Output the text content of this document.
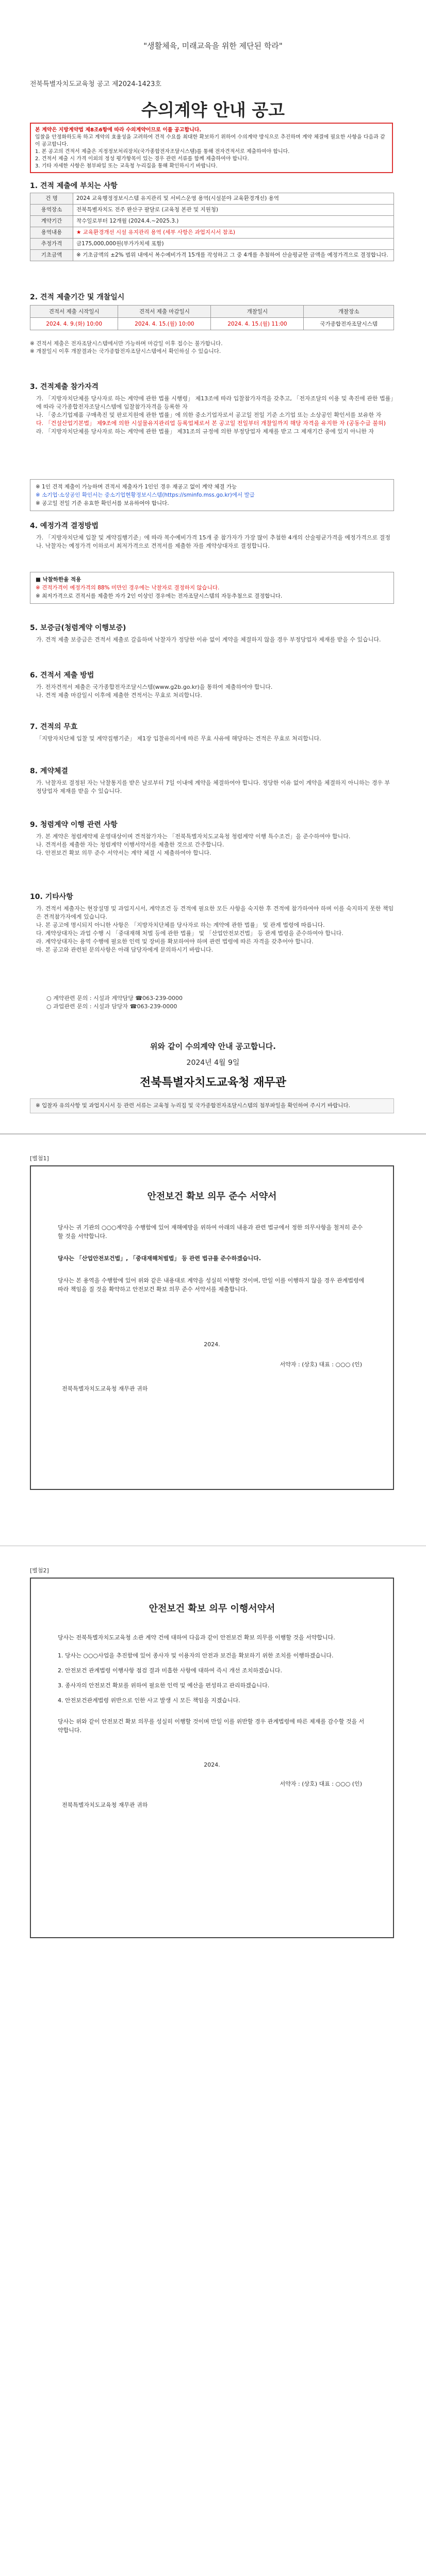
"생활체육, 미래교육을 위한 제단된 학라"
전북특별자치도교육청 공고 제2024-1423호
수의계약 안내 공고
본 계약은 지방계약법 제8조6항에 따라 수의계약이므로 이를 공고합니다.
입찰을 안정화하도록 하고 계약의 효율성을 고려하여 견적 수요를 최대한 확보하기 위하여 수의계약 방식으로 추진하며 계약 체결에 필요한 사항을 다음과 같이 공고합니다.
1. 본 공고의 견적서 제출은 지정정보처리장치(국가종합전자조달시스템)를 통해 전자견적서로 제출하여야 합니다.
2. 견적서 제출 시 가격 이외의 정성 평가항목이 있는 경우 관련 서류를 함께 제출하여야 합니다.
3. 기타 자세한 사항은 첨부파일 또는 교육청 누리집을 통해 확인하시기 바랍니다.
1. 견적 제출에 부치는 사항
건 명	2024 교육행정정보시스템 유지관리 및 서비스운영 용역(시설분야 교육환경개선) 용역
용역장소	전북특별자치도 전주 완산구 팔달로 (교육청 본관 및 지원청)
계약기간	착수일로부터 12개월 (2024.4.~2025.3.)
용역내용	★ 교육환경개선 시설 유지관리 용역 (세부 사항은 과업지시서 참조)
추정가격	금175,000,000원(부가가치세 포함)
기초금액	※ 기초금액의 ±2% 범위 내에서 복수예비가격 15개를 작성하고 그 중 4개를 추첨하여 산술평균한 금액을 예정가격으로 결정합니다.
2. 견적 제출기간 및 개찰일시
견적서 제출 시작일시	견적서 제출 마감일시	개찰일시	개찰장소
2024. 4. 9.(화) 10:00	2024. 4. 15.(월) 10:00	2024. 4. 15.(월) 11:00	국가종합전자조달시스템
※ 견적서 제출은 전자조달시스템에서만 가능하며 마감일 이후 접수는 불가합니다.
※ 개찰일시 이후 개찰결과는 국가종합전자조달시스템에서 확인하실 수 있습니다.
3. 견적제출 참가자격
가. 「지방자치단체를 당사자로 하는 계약에 관한 법률 시행령」 제13조에 따라 입찰참가자격을 갖추고, 「전자조달의 이용 및 촉진에 관한 법률」에 따라 국가종합전자조달시스템에 입찰참가자격을 등록한 자
나. 「중소기업제품 구매촉진 및 판로지원에 관한 법률」에 의한 중소기업자로서 공고일 전일 기준 소기업 또는 소상공인 확인서를 보유한 자
다. 「건설산업기본법」 제9조에 의한 시설물유지관리업 등록업체로서 본 공고일 전일부터 개찰일까지 해당 자격을 유지한 자 (공동수급 불허)
라. 「지방자치단체를 당사자로 하는 계약에 관한 법률」 제31조의 규정에 의한 부정당업자 제재를 받고 그 제재기간 중에 있지 아니한 자
※ 1인 견적 제출이 가능하며 견적서 제출자가 1인인 경우 재공고 없이 계약 체결 가능
※ 소기업·소상공인 확인서는 중소기업현황정보시스템(https://sminfo.mss.go.kr)에서 발급
※ 공고일 전일 기준 유효한 확인서를 보유하여야 합니다.
4. 예정가격 결정방법
가. 「지방자치단체 입찰 및 계약집행기준」에 따라 복수예비가격 15개 중 참가자가 가장 많이 추첨한 4개의 산술평균가격을 예정가격으로 결정
나. 낙찰자는 예정가격 이하로서 최저가격으로 견적서를 제출한 자를 계약상대자로 결정합니다.
■ 낙찰하한율 적용
※ 견적가격이 예정가격의 88% 미만인 경우에는 낙찰자로 결정하지 않습니다.
※ 최저가격으로 견적서를 제출한 자가 2인 이상인 경우에는 전자조달시스템의 자동추첨으로 결정합니다.
5. 보증금(청렴계약 이행보증)
가. 견적 제출 보증금은 견적서 제출로 갈음하며 낙찰자가 정당한 이유 없이 계약을 체결하지 않을 경우 부정당업자 제재를 받을 수 있습니다.
6. 견적서 제출 방법
가. 전자견적서 제출은 국가종합전자조달시스템(www.g2b.go.kr)을 통하여 제출하여야 합니다.
나. 견적 제출 마감일시 이후에 제출한 견적서는 무효로 처리합니다.
7. 견적의 무효
「지방자치단체 입찰 및 계약집행기준」 제1장 입찰유의서에 따른 무효 사유에 해당하는 견적은 무효로 처리합니다.
8. 계약체결
가. 낙찰자로 결정된 자는 낙찰통지를 받은 날로부터 7일 이내에 계약을 체결하여야 합니다. 정당한 이유 없이 계약을 체결하지 아니하는 경우 부정당업자 제재를 받을 수 있습니다.
9. 청렴계약 이행 관련 사항
가. 본 계약은 청렴계약제 운영대상이며 견적참가자는 「전북특별자치도교육청 청렴계약 이행 특수조건」을 준수하여야 합니다.
나. 견적서를 제출한 자는 청렴계약 이행서약서를 제출한 것으로 간주합니다.
다. 안전보건 확보 의무 준수 서약서는 계약 체결 시 제출하여야 합니다.
10. 기타사항
가. 견적서 제출자는 현장설명 및 과업지시서, 계약조건 등 견적에 필요한 모든 사항을 숙지한 후 견적에 참가하여야 하며 이를 숙지하지 못한 책임은 견적참가자에게 있습니다.
나. 본 공고에 명시되지 아니한 사항은 「지방자치단체를 당사자로 하는 계약에 관한 법률」 및 관계 법령에 따릅니다.
다. 계약상대자는 과업 수행 시 「중대재해 처벌 등에 관한 법률」 및 「산업안전보건법」 등 관계 법령을 준수하여야 합니다.
라. 계약상대자는 용역 수행에 필요한 인력 및 장비를 확보하여야 하며 관련 법령에 따른 자격을 갖추어야 합니다.
마. 본 공고와 관련된 문의사항은 아래 담당자에게 문의하시기 바랍니다.
○ 계약관련 문의 : 시설과 계약담당 ☎063-239-0000
○ 과업관련 문의 : 시설과 담당자 ☎063-239-0000
위와 같이 수의계약 안내 공고합니다.
2024년 4월 9일
전북특별자치도교육청 재무관
※ 입찰자 유의사항 및 과업지시서 등 관련 서류는 교육청 누리집 및 국가종합전자조달시스템의 첨부파일을 확인하여 주시기 바랍니다.
[별첨1]
안전보건 확보 의무 준수 서약서
당사는 귀 기관의 ○○○계약을 수행함에 있어 재해예방을 위하여 아래의 내용과 관련 법규에서 정한 의무사항을 철저히 준수할 것을 서약합니다.
당사는 「산업안전보건법」, 「중대재해처벌법」 등 관련 법규를 준수하겠습니다.
당사는 본 용역을 수행함에 있어 위와 같은 내용대로 계약을 성실히 이행할 것이며, 만일 이를 이행하지 않을 경우 관계법령에 따라 책임을 질 것을 확약하고 안전보건 확보 의무 준수 서약서를 제출합니다.
2024.
서약자 : (상호) 대표 : ○○○ (인)
전북특별자치도교육청 재무관 귀하
[별첨2]
안전보건 확보 의무 이행서약서
당사는 전북특별자치도교육청 소관 계약 건에 대하여 다음과 같이 안전보건 확보 의무를 이행할 것을 서약합니다.
1. 당사는 ○○○사업을 추진함에 있어 종사자 및 이용자의 안전과 보건을 확보하기 위한 조치를 이행하겠습니다.
2. 안전보건 관계법령 이행사항 점검 결과 미흡한 사항에 대하여 즉시 개선 조치하겠습니다.
3. 종사자의 안전보건 확보를 위하여 필요한 인력 및 예산을 편성하고 관리하겠습니다.
4. 안전보건관계법령 위반으로 인한 사고 발생 시 모든 책임을 지겠습니다.
당사는 위와 같이 안전보건 확보 의무를 성실히 이행할 것이며 만일 이를 위반할 경우 관계법령에 따른 제재를 감수할 것을 서약합니다.
2024.
서약자 : (상호) 대표 : ○○○ (인)
전북특별자치도교육청 재무관 귀하
